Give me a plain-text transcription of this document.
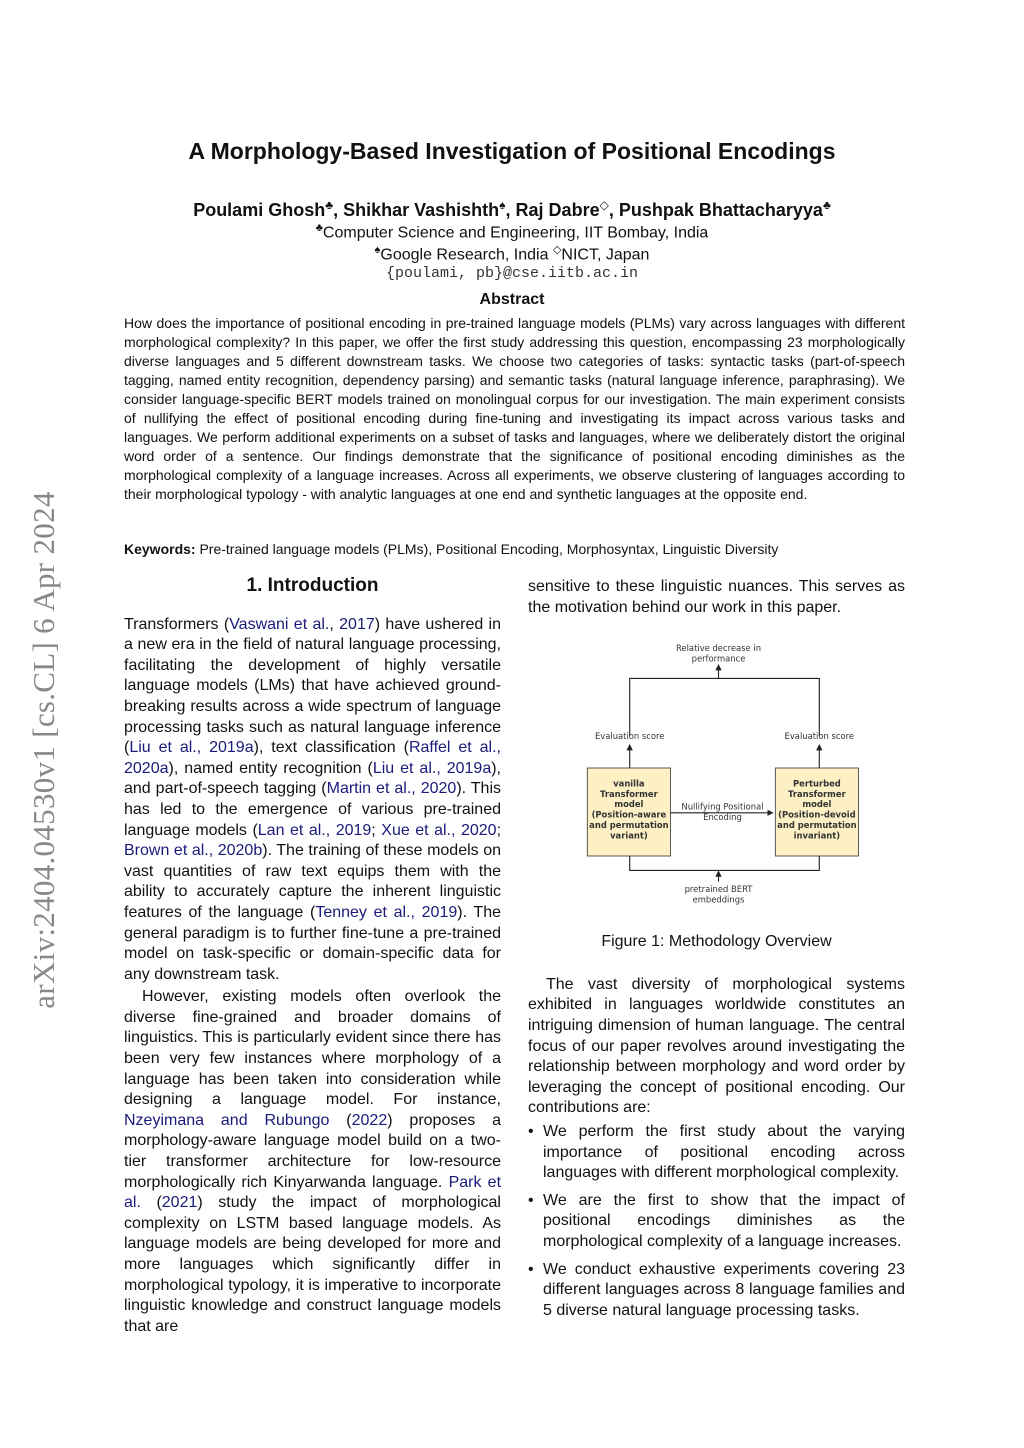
arXiv:2404.04530v1 [cs.CL] 6 Apr 2024
A Morphology-Based Investigation of Positional Encodings
Poulami Ghosh♣, Shikhar Vashishth♠, Raj Dabre◇, Pushpak Bhattacharyya♣
♣Computer Science and Engineering, IIT Bombay, India
♠Google Research, India ◇NICT, Japan
{poulami, pb}@cse.iitb.ac.in
Abstract

How does the importance of positional encoding in pre-trained language models (PLMs) vary across languages with different morphological complexity? In this paper, we offer the first study addressing this question, encompassing 23 morphologically diverse languages and 5 different downstream tasks. We choose two categories of tasks: syntactic tasks (part-of-speech tagging, named entity recognition, dependency parsing) and semantic tasks (natural language inference, paraphrasing). We consider language-specific BERT models trained on monolingual corpus for our investigation. The main experiment consists of nullifying the effect of positional encoding during fine-tuning and investigating its impact across various tasks and languages. We perform additional experiments on a subset of tasks and languages, where we deliberately distort the original word order of a sentence. Our findings demonstrate that the significance of positional encoding diminishes as the morphological complexity of a language increases. Across all experiments, we observe clustering of languages according to their morphological typology - with analytic languages at one end and synthetic languages at the opposite end.

Keywords: Pre-trained language models (PLMs), Positional Encoding, Morphosyntax, Linguistic Diversity

1. Introduction

Transformers (Vaswani et al., 2017) have ushered in a new era in the field of natural language processing, facilitating the development of highly versatile language models (LMs) that have achieved ground-breaking results across a wide spectrum of language processing tasks such as natural language inference (Liu et al., 2019a), text classification (Raffel et al., 2020a), named entity recognition (Liu et al., 2019a), and part-of-speech tagging (Martin et al., 2020). This has led to the emergence of various pre-trained language models (Lan et al., 2019; Xue et al., 2020; Brown et al., 2020b). The training of these models on vast quantities of raw text equips them with the ability to accurately capture the inherent linguistic features of the language (Tenney et al., 2019). The general paradigm is to further fine-tune a pre-trained model on task-specific or domain-specific data for any downstream task.

However, existing models often overlook the diverse fine-grained and broader domains of linguistics. This is particularly evident since there has been very few instances where morphology of a language has been taken into consideration while designing a language model. For instance, Nzeyimana and Rubungo (2022) proposes a morphology-aware language model build on a two-tier transformer architecture for low-resource morphologically rich Kinyarwanda language. Park et al. (2021) study the impact of morphological complexity on LSTM based language models. As language models are being developed for more and more languages which significantly differ in morphological typology, it is imperative to incorporate linguistic knowledge and construct language models that are

sensitive to these linguistic nuances. This serves as the motivation behind our work in this paper.

Relative decrease in
performance
Evaluation score	Evaluation score
vanilla
Transformer
model
(Position-aware
and permutation
variant)
Perturbed
Transformer
model
(Position-devoid
and permutation
invariant)
Nullifying Positional
Encoding
pretrained BERT
embeddings

Figure 1: Methodology Overview

The vast diversity of morphological systems exhibited in languages worldwide constitutes an intriguing dimension of human language. The central focus of our paper revolves around investigating the relationship between morphology and word order by leveraging the concept of positional encoding. Our contributions are:

• We perform the first study about the varying importance of positional encoding across languages with different morphological complexity.
• We are the first to show that the impact of positional encodings diminishes as the morphological complexity of a language increases.
• We conduct exhaustive experiments covering 23 different languages across 8 language families and 5 diverse natural language processing tasks.
